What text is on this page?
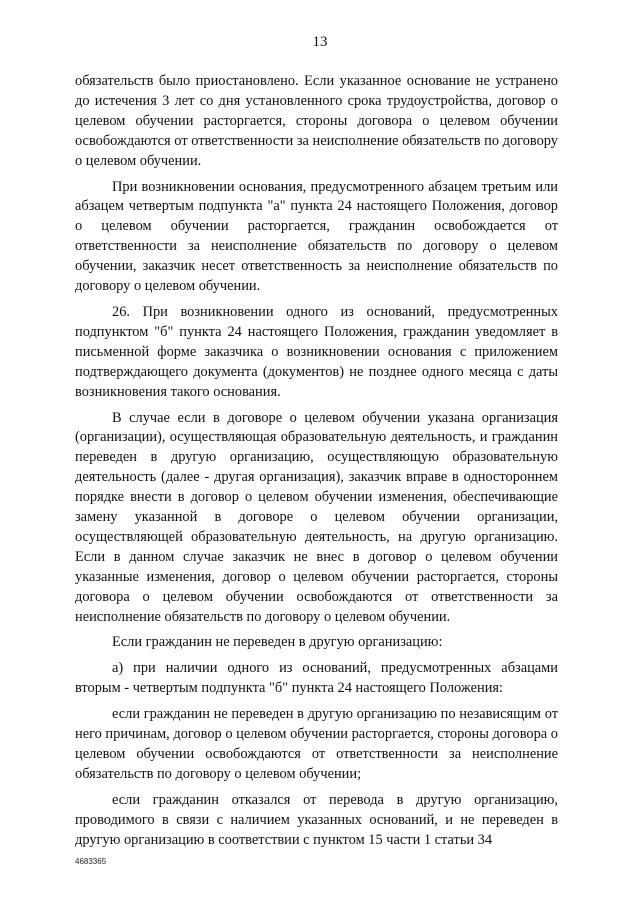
13

обязательств было приостановлено. Если указанное основание не устранено до истечения 3 лет со дня установленного срока трудоустройства, договор о целевом обучении расторгается, стороны договора о целевом обучении освобождаются от ответственности за неисполнение обязательств по договору о целевом обучении.

При возникновении основания, предусмотренного абзацем третьим или абзацем четвертым подпункта "а" пункта 24 настоящего Положения, договор о целевом обучении расторгается, гражданин освобождается от ответственности за неисполнение обязательств по договору о целевом обучении, заказчик несет ответственность за неисполнение обязательств по договору о целевом обучении.

26. При возникновении одного из оснований, предусмотренных подпунктом "б" пункта 24 настоящего Положения, гражданин уведомляет в письменной форме заказчика о возникновении основания с приложением подтверждающего документа (документов) не позднее одного месяца с даты возникновения такого основания.

В случае если в договоре о целевом обучении указана организация (организации), осуществляющая образовательную деятельность, и гражданин переведен в другую организацию, осуществляющую образовательную деятельность (далее - другая организация), заказчик вправе в одностороннем порядке внести в договор о целевом обучении изменения, обеспечивающие замену указанной в договоре о целевом обучении организации, осуществляющей образовательную деятельность, на другую организацию. Если в данном случае заказчик не внес в договор о целевом обучении указанные изменения, договор о целевом обучении расторгается, стороны договора о целевом обучении освобождаются от ответственности за неисполнение обязательств по договору о целевом обучении.

Если гражданин не переведен в другую организацию:

а) при наличии одного из оснований, предусмотренных абзацами вторым - четвертым подпункта "б" пункта 24 настоящего Положения:

если гражданин не переведен в другую организацию по независящим от него причинам, договор о целевом обучении расторгается, стороны договора о целевом обучении освобождаются от ответственности за неисполнение обязательств по договору о целевом обучении;

если гражданин отказался от перевода в другую организацию, проводимого в связи с наличием указанных оснований, и не переведен в другую организацию в соответствии с пунктом 15 части 1 статьи 34

4683365
